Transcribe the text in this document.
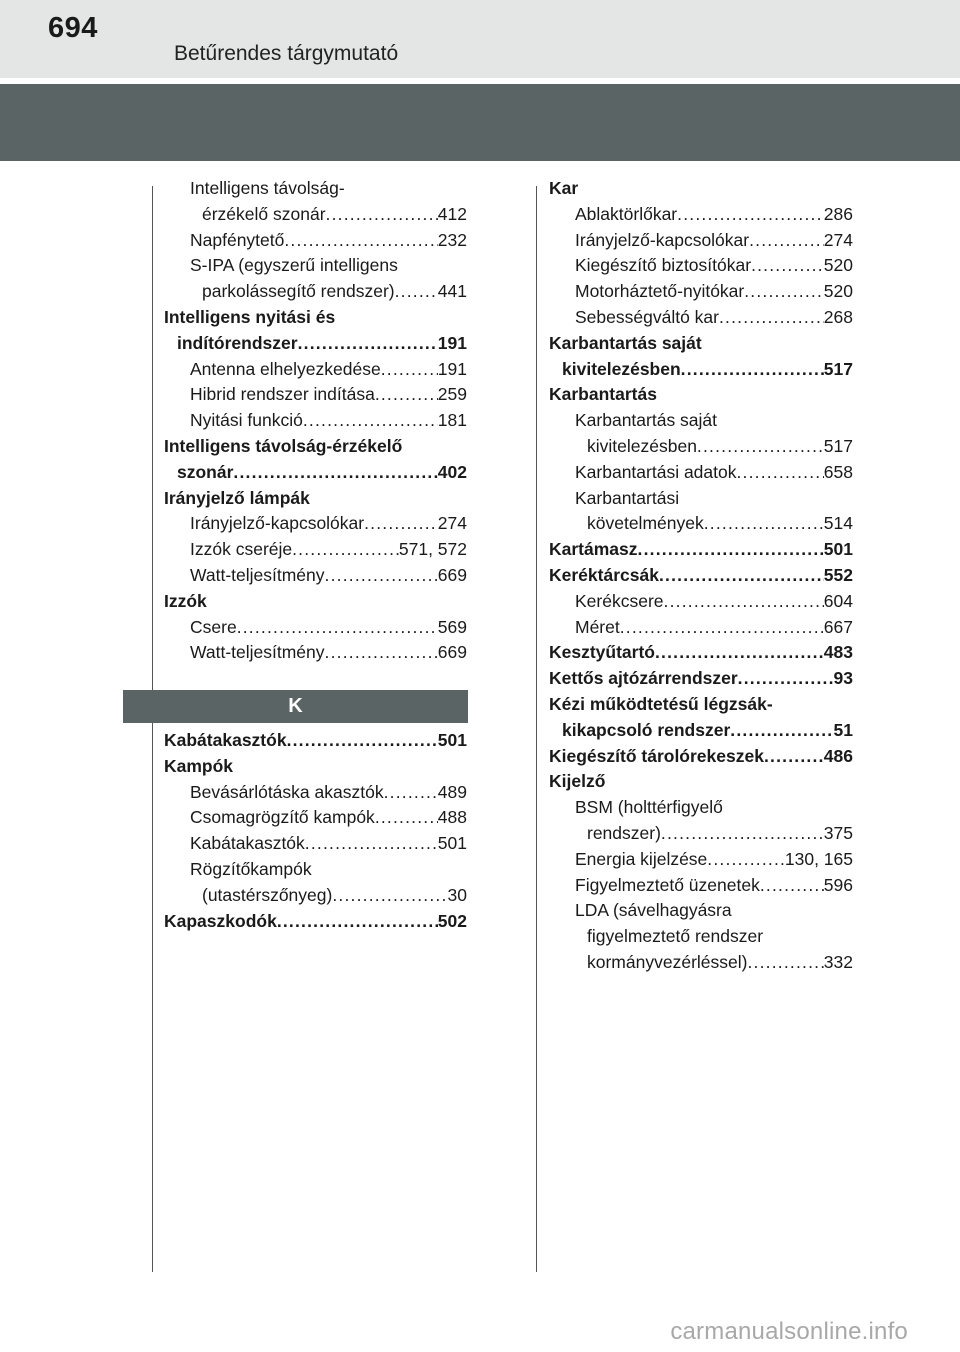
694
Betűrendes tárgymutató
Intelligens távolság-
érzékelő szonár .....	412
Napfénytető .....	232
S-IPA (egyszerű intelligens
parkolássegítő rendszer) ..... 441
Intelligens nyitási és
indítórendszer .....	191
Antenna elhelyezkedése .....	191
Hibrid rendszer indítása .....	259
Nyitási funkció .....	181
Intelligens távolság-érzékelő
szonár .....	402
Irányjelző lámpák
Irányjelző-kapcsolókar .....	274
Izzók cseréje .....	571, 572
Watt-teljesítmény .....	669
Izzók
Csere .....	569
Watt-teljesítmény .....	669
K
Kabátakasztók .....	501
Kampók
Bevásárlótáska akasztók .....	489
Csomagrögzítő kampók .....	488
Kabátakasztók .....	501
Rögzítőkampók
(utastérszőnyeg) .....	30
Kapaszkodók .....	502
Kar
Ablaktörlőkar .....	286
Irányjelző-kapcsolókar .....	274
Kiegészítő biztosítókar .....	520
Motorháztető-nyitókar .....	520
Sebességváltó kar .....	268
Karbantartás saját
kivitelezésben .....	517
Karbantartás
Karbantartás saját
kivitelezésben .....	517
Karbantartási adatok .....	658
Karbantartási
követelmények .....	514
Kartámasz .....	501
Keréktárcsák .....	552
Kerékcsere .....	604
Méret .....	667
Kesztyűtartó .....	483
Kettős ajtózárrendszer .....	93
Kézi működtetésű légzsák-
kikapcsoló rendszer .....	51
Kiegészítő tárolórekeszek .....	486
Kijelző
BSM (holttérfigyelő
rendszer) .....	375
Energia kijelzése .....	130, 165
Figyelmeztető üzenetek .....	596
LDA (sávelhagyásra
figyelmeztető rendszer
kormányvezérléssel) .....	332
carmanualsonline.info
